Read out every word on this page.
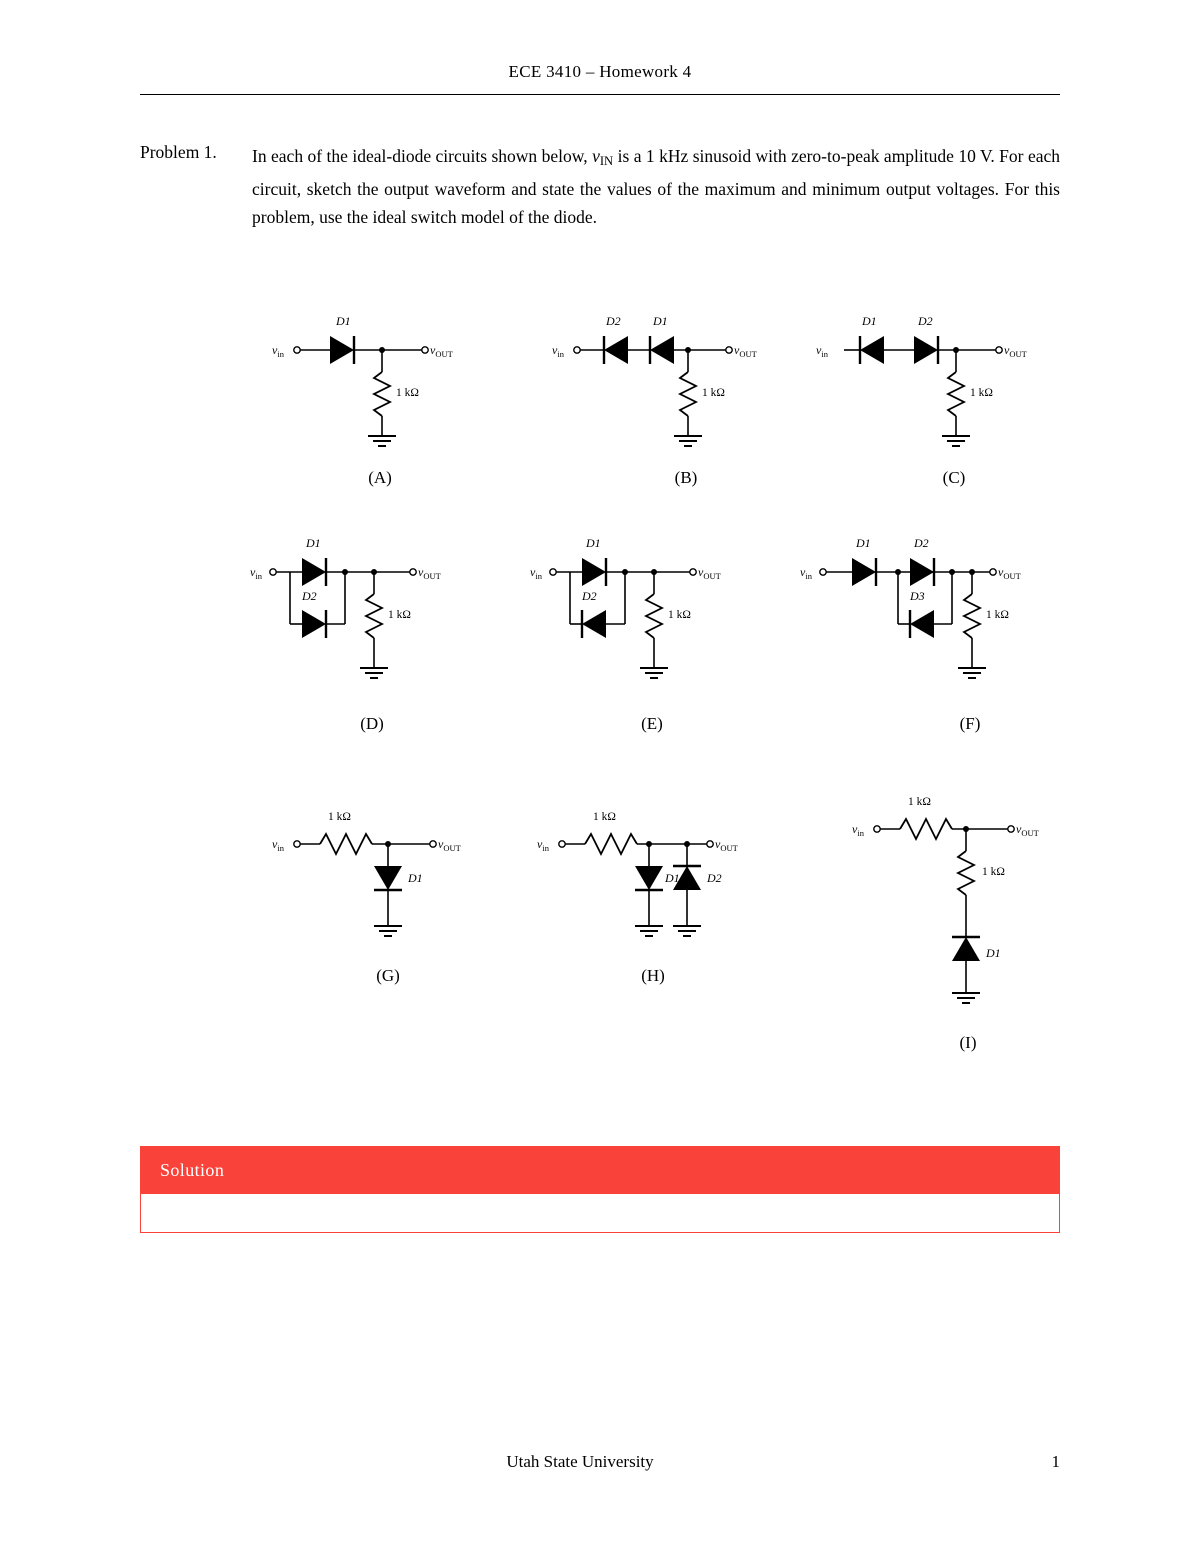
ECE 3410 – Homework 4
Problem 1. In each of the ideal-diode circuits shown below, $v_{IN}$ is a 1 kHz sinusoid with zero-to-peak amplitude 10 V. For each circuit, sketch the output waveform and state the values of the maximum and minimum output voltages. For this problem, use the ideal switch model of the diode.
D1
vin	vOUT
1 kΩ
(A)
D2	D1
vin	vOUT
1 kΩ
(B)
D1	D2
vin	vOUT
1 kΩ
(C)
D1
D2
vin	vOUT
1 kΩ
(D)
D1
D2
vin	vOUT
1 kΩ
(E)
D1	D2
D3
vin	vOUT
1 kΩ
(F)
1 kΩ
D1
vin	vOUT
(G)
1 kΩ
D1 D2
vin	vOUT
(H)
1 kΩ
1 kΩ
D1
vin	vOUT
(I)
Solution
Utah State University	1
